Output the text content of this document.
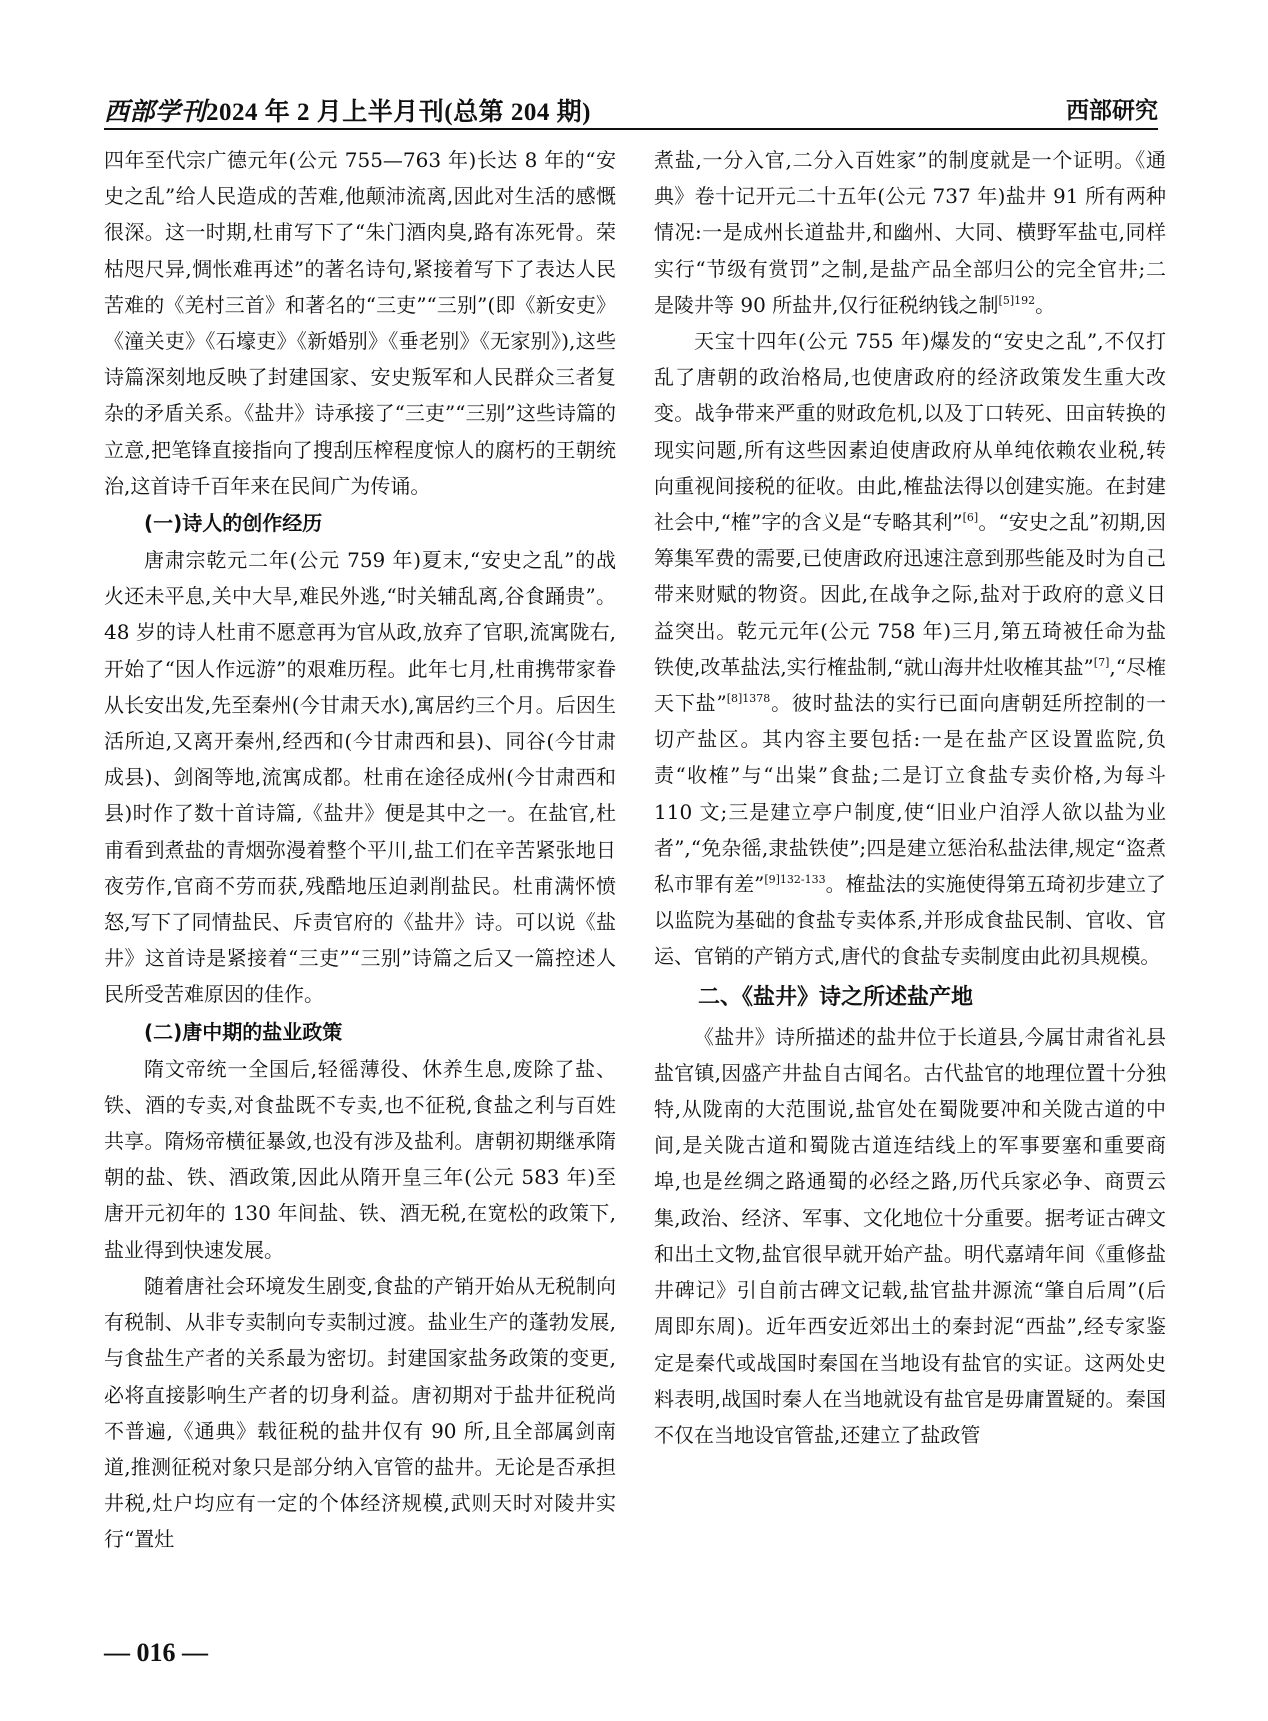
西部学刊2024 年 2 月上半月刊(总第 204 期)	西部研究

四年至代宗广德元年(公元 755—763 年)长达 8 年的“安史之乱”给人民造成的苦难,他颠沛流离,因此对生活的感慨很深。这一时期,杜甫写下了“朱门酒肉臭,路有冻死骨。荣枯咫尺异,惆怅难再述”的著名诗句,紧接着写下了表达人民苦难的《羌村三首》和著名的“三吏”“三别”(即《新安吏》《潼关吏》《石壕吏》《新婚别》《垂老别》《无家别》),这些诗篇深刻地反映了封建国家、安史叛军和人民群众三者复杂的矛盾关系。《盐井》诗承接了“三吏”“三别”这些诗篇的立意,把笔锋直接指向了搜刮压榨程度惊人的腐朽的王朝统治,这首诗千百年来在民间广为传诵。

(一)诗人的创作经历

唐肃宗乾元二年(公元 759 年)夏末,“安史之乱”的战火还未平息,关中大旱,难民外逃,“时关辅乱离,谷食踊贵”。48 岁的诗人杜甫不愿意再为官从政,放弃了官职,流寓陇右,开始了“因人作远游”的艰难历程。此年七月,杜甫携带家眷从长安出发,先至秦州(今甘肃天水),寓居约三个月。后因生活所迫,又离开秦州,经西和(今甘肃西和县)、同谷(今甘肃成县)、剑阁等地,流寓成都。杜甫在途径成州(今甘肃西和县)时作了数十首诗篇,《盐井》便是其中之一。在盐官,杜甫看到煮盐的青烟弥漫着整个平川,盐工们在辛苦紧张地日夜劳作,官商不劳而获,残酷地压迫剥削盐民。杜甫满怀愤怒,写下了同情盐民、斥责官府的《盐井》诗。可以说《盐井》这首诗是紧接着“三吏”“三别”诗篇之后又一篇控述人民所受苦难原因的佳作。

(二)唐中期的盐业政策

隋文帝统一全国后,轻徭薄役、休养生息,废除了盐、铁、酒的专卖,对食盐既不专卖,也不征税,食盐之利与百姓共享。隋炀帝横征暴敛,也没有涉及盐利。唐朝初期继承隋朝的盐、铁、酒政策,因此从隋开皇三年(公元 583 年)至唐开元初年的 130 年间盐、铁、酒无税,在宽松的政策下,盐业得到快速发展。

随着唐社会环境发生剧变,食盐的产销开始从无税制向有税制、从非专卖制向专卖制过渡。盐业生产的蓬勃发展,与食盐生产者的关系最为密切。封建国家盐务政策的变更,必将直接影响生产者的切身利益。唐初期对于盐井征税尚不普遍,《通典》载征税的盐井仅有 90 所,且全部属剑南道,推测征税对象只是部分纳入官管的盐井。无论是否承担井税,灶户均应有一定的个体经济规模,武则天时对陵井实行“置灶

煮盐,一分入官,二分入百姓家”的制度就是一个证明。《通典》卷十记开元二十五年(公元 737 年)盐井 91 所有两种情况:一是成州长道盐井,和幽州、大同、横野军盐屯,同样实行“节级有赏罚”之制,是盐产品全部归公的完全官井;二是陵井等 90 所盐井,仅行征税纳钱之制$^{[5]192}$。

天宝十四年(公元 755 年)爆发的“安史之乱”,不仅打乱了唐朝的政治格局,也使唐政府的经济政策发生重大改变。战争带来严重的财政危机,以及丁口转死、田亩转换的现实问题,所有这些因素迫使唐政府从单纯依赖农业税,转向重视间接税的征收。由此,榷盐法得以创建实施。在封建社会中,“榷”字的含义是“专略其利”[6]。“安史之乱”初期,因筹集军费的需要,已使唐政府迅速注意到那些能及时为自己带来财赋的物资。因此,在战争之际,盐对于政府的意义日益突出。乾元元年(公元 758 年)三月,第五琦被任命为盐铁使,改革盐法,实行榷盐制,“就山海井灶收榷其盐”[7],“尽榷天下盐”$^{[8]1378}$。彼时盐法的实行已面向唐朝廷所控制的一切产盐区。其内容主要包括:一是在盐产区设置监院,负责“收榷”与“出粜”食盐;二是订立食盐专卖价格,为每斗 110 文;三是建立亭户制度,使“旧业户洎浮人欲以盐为业者”,“免杂徭,隶盐铁使”;四是建立惩治私盐法律,规定“盗煮私市罪有差”$^{[9]132-133}$。榷盐法的实施使得第五琦初步建立了以监院为基础的食盐专卖体系,并形成食盐民制、官收、官运、官销的产销方式,唐代的食盐专卖制度由此初具规模。

二、《盐井》诗之所述盐产地

《盐井》诗所描述的盐井位于长道县,今属甘肃省礼县盐官镇,因盛产井盐自古闻名。古代盐官的地理位置十分独特,从陇南的大范围说,盐官处在蜀陇要冲和关陇古道的中间,是关陇古道和蜀陇古道连结线上的军事要塞和重要商埠,也是丝绸之路通蜀的必经之路,历代兵家必争、商贾云集,政治、经济、军事、文化地位十分重要。据考证古碑文和出土文物,盐官很早就开始产盐。明代嘉靖年间《重修盐井碑记》引自前古碑文记载,盐官盐井源流“肇自后周”(后周即东周)。近年西安近郊出土的秦封泥“西盐”,经专家鉴定是秦代或战国时秦国在当地设有盐官的实证。这两处史料表明,战国时秦人在当地就设有盐官是毋庸置疑的。秦国不仅在当地设官管盐,还建立了盐政管

— 016 —
